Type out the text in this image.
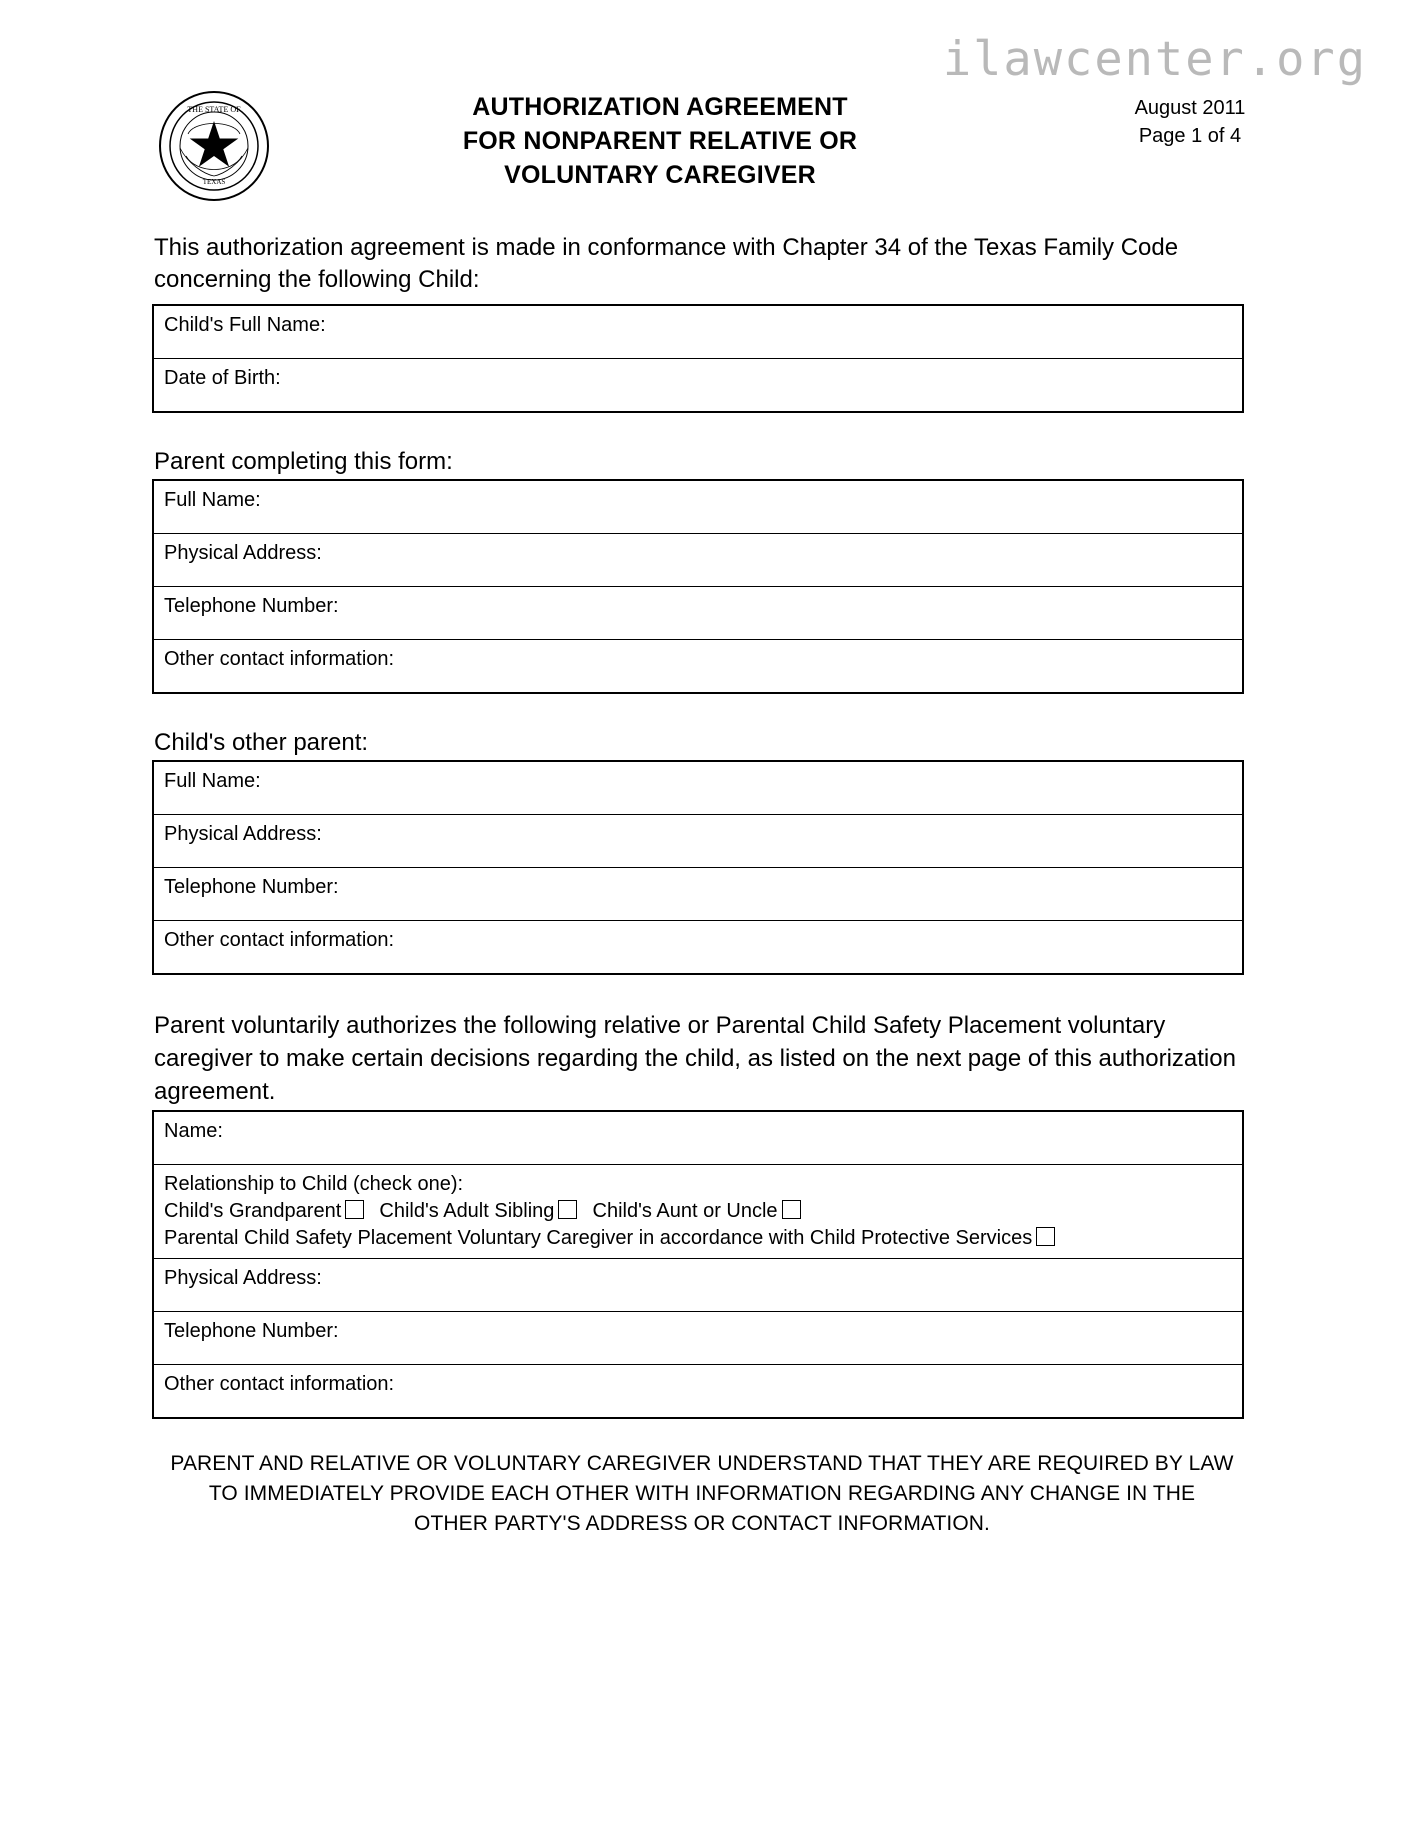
ilawcenter.org
THE STATE OF
TEXAS
AUTHORIZATION AGREEMENT
FOR NONPARENT RELATIVE OR
VOLUNTARY CAREGIVER
August 2011
Page 1 of 4

This authorization agreement is made in conformance with Chapter 34 of the Texas Family Code concerning the following Child:

Child's Full Name:
Date of Birth:
Parent completing this form:
Full Name:
Physical Address:
Telephone Number:
Other contact information:
Child's other parent:
Full Name:
Physical Address:
Telephone Number:
Other contact information:

Parent voluntarily authorizes the following relative or Parental Child Safety Placement voluntary caregiver to make certain decisions regarding the child, as listed on the next page of this authorization agreement.

Name:

Relationship to Child (check one):
Child's Grandparent Child's Adult Sibling Child's Aunt or Uncle
Parental Child Safety Placement Voluntary Caregiver in accordance with Child Protective Services

Physical Address:
Telephone Number:
Other contact information:
PARENT AND RELATIVE OR VOLUNTARY CAREGIVER UNDERSTAND THAT THEY ARE REQUIRED BY LAW TO IMMEDIATELY PROVIDE EACH OTHER WITH INFORMATION REGARDING ANY CHANGE IN THE OTHER PARTY'S ADDRESS OR CONTACT INFORMATION.
